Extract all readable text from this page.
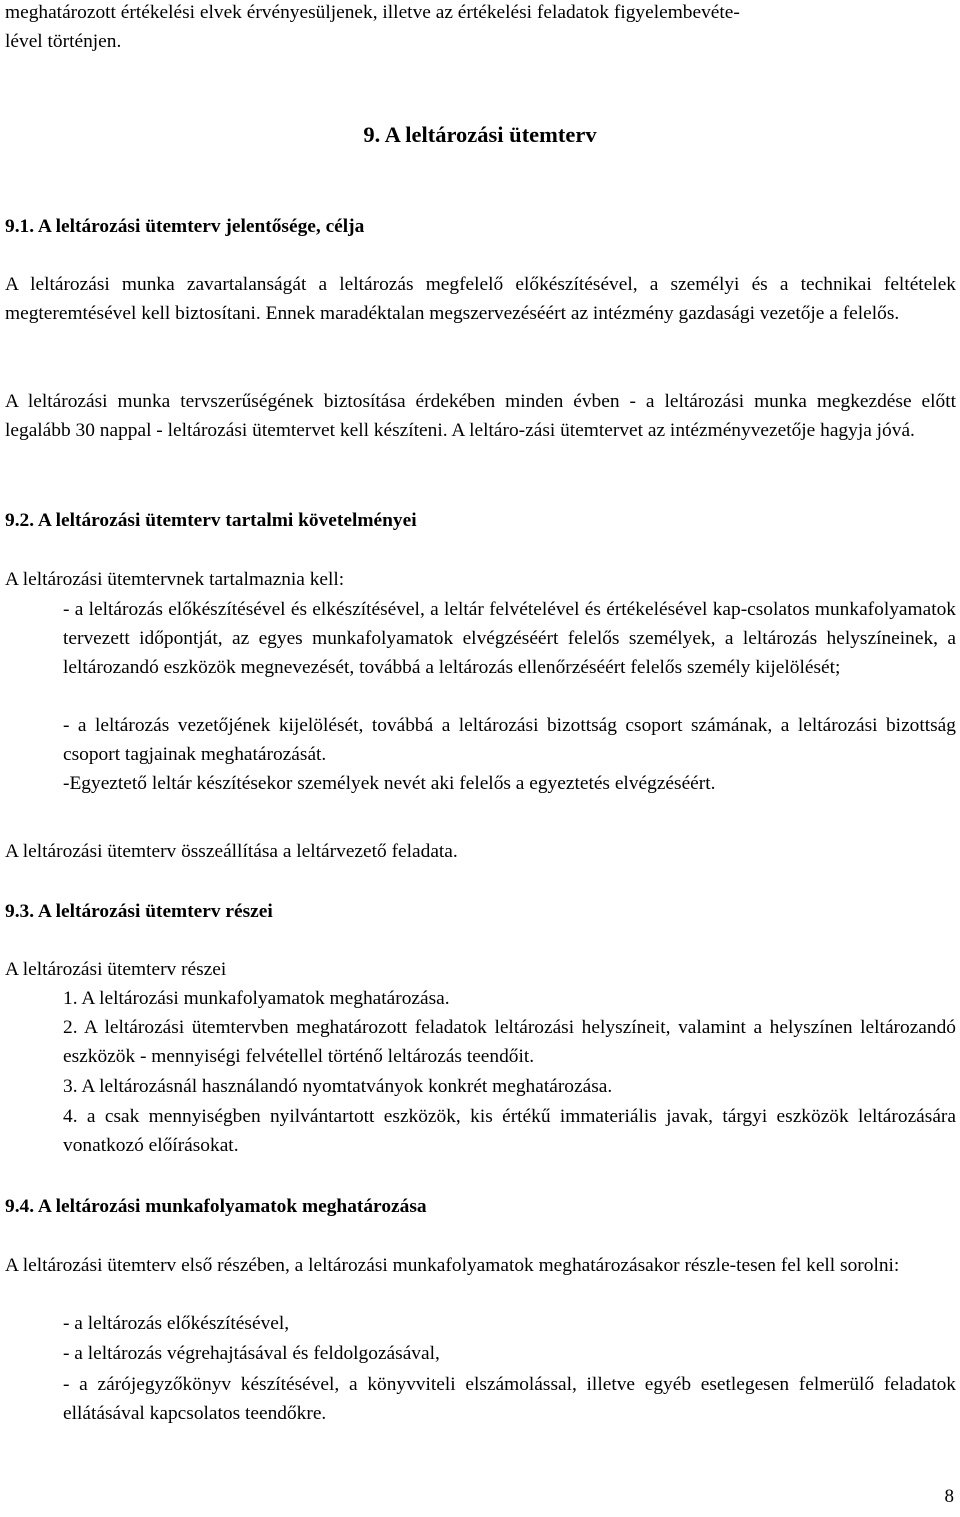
meghatározott értékelési elvek érvényesüljenek, illetve az értékelési feladatok figyelembevéte-

lével történjen.

9. A leltározási ütemterv

9.1. A leltározási ütemterv jelentősége, célja

A leltározási munka zavartalanságát a leltározás megfelelő előkészítésével, a személyi és a technikai feltételek megteremtésével kell biztosítani. Ennek maradéktalan megszervezéséért az intézmény gazdasági vezetője a felelős.

A leltározási munka tervszerűségének biztosítása érdekében minden évben - a leltározási munka megkezdése előtt legalább 30 nappal - leltározási ütemtervet kell készíteni. A leltáro-zási ütemtervet az intézményvezetője hagyja jóvá.

9.2. A leltározási ütemterv tartalmi követelményei

A leltározási ütemtervnek tartalmaznia kell:

- a leltározás előkészítésével és elkészítésével, a leltár felvételével és értékelésével kap-csolatos munkafolyamatok tervezett időpontját, az egyes munkafolyamatok elvégzéséért felelős személyek, a leltározás helyszíneinek, a leltározandó eszközök megnevezését, továbbá a leltározás ellenőrzéséért felelős személy kijelölését;

- a leltározás vezetőjének kijelölését, továbbá a leltározási bizottság csoport számának, a leltározási bizottság csoport tagjainak meghatározását.

-Egyeztető leltár készítésekor személyek nevét aki felelős a egyeztetés elvégzéséért.

A leltározási ütemterv összeállítása a leltárvezető feladata.

9.3. A leltározási ütemterv részei

A leltározási ütemterv részei

1. A leltározási munkafolyamatok meghatározása.

2. A leltározási ütemtervben meghatározott feladatok leltározási helyszíneit, valamint a helyszínen leltározandó eszközök - mennyiségi felvétellel történő leltározás teendőit.

3. A leltározásnál használandó nyomtatványok konkrét meghatározása.

4. a csak mennyiségben nyilvántartott eszközök, kis értékű immateriális javak, tárgyi eszközök leltározására vonatkozó előírásokat.

9.4. A leltározási munkafolyamatok meghatározása

A leltározási ütemterv első részében, a leltározási munkafolyamatok meghatározásakor részle-tesen fel kell sorolni:

- a leltározás előkészítésével,

- a leltározás végrehajtásával és feldolgozásával,

- a zárójegyzőkönyv készítésével, a könyvviteli elszámolással, illetve egyéb esetlegesen felmerülő feladatok ellátásával kapcsolatos teendőkre.

8
